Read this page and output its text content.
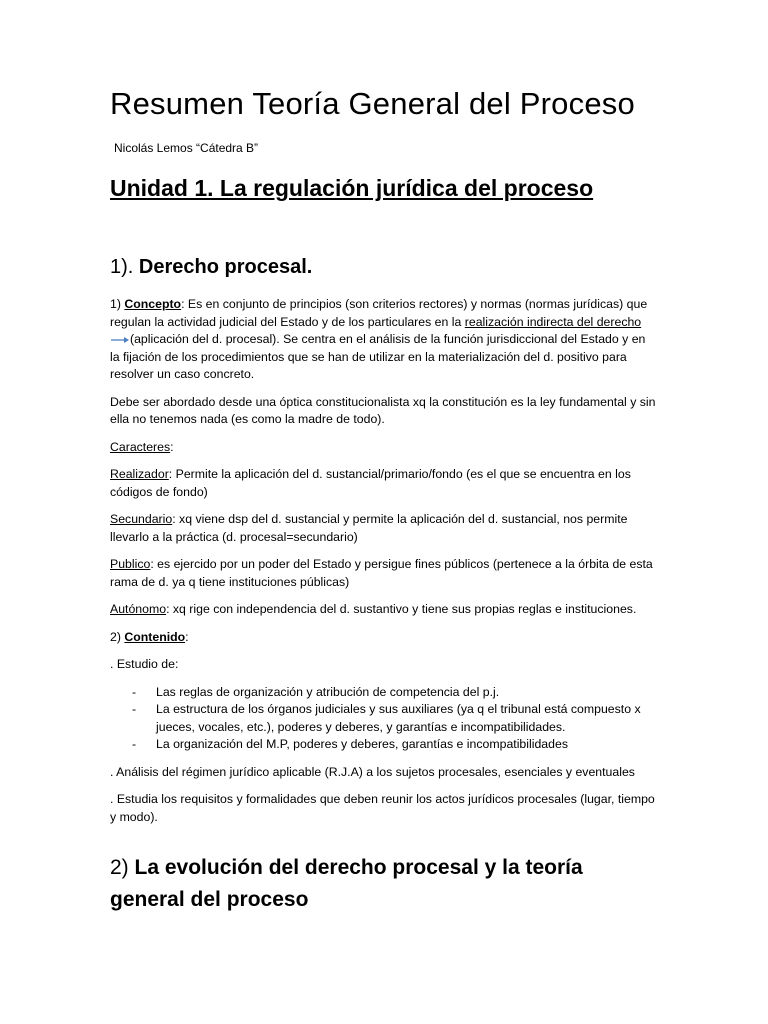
Resumen Teoría General del Proceso

Nicolás Lemos “Cátedra B”

Unidad 1. La regulación jurídica del proceso
1). Derecho procesal.

1) Concepto: Es en conjunto de principios (son criterios rectores) y normas (normas jurídicas) que regulan la actividad judicial del Estado y de los particulares en la realización indirecta del derecho(aplicación del d. procesal). Se centra en el análisis de la función jurisdiccional del Estado y en la fijación de los procedimientos que se han de utilizar en la materialización del d. positivo para resolver un caso concreto.

Debe ser abordado desde una óptica constitucionalista xq la constitución es la ley fundamental y sin ella no tenemos nada (es como la madre de todo).

Caracteres:

Realizador: Permite la aplicación del d. sustancial/primario/fondo (es el que se encuentra en los códigos de fondo)

Secundario: xq viene dsp del d. sustancial y permite la aplicación del d. sustancial, nos permite llevarlo a la práctica (d. procesal=secundario)

Publico: es ejercido por un poder del Estado y persigue fines públicos (pertenece a la órbita de esta rama de d. ya q tiene instituciones públicas)

Autónomo: xq rige con independencia del d. sustantivo y tiene sus propias reglas e instituciones.

2) Contenido:

. Estudio de:

- Las reglas de organización y atribución de competencia del p.j.
- La estructura de los órganos judiciales y sus auxiliares (ya q el tribunal está compuesto x jueces, vocales, etc.), poderes y deberes, y garantías e incompatibilidades.
- La organización del M.P, poderes y deberes, garantías e incompatibilidades

. Análisis del régimen jurídico aplicable (R.J.A) a los sujetos procesales, esenciales y eventuales

. Estudia los requisitos y formalidades que deben reunir los actos jurídicos procesales (lugar, tiempo y modo).

2) La evolución del derecho procesal y la teoría general del proceso
